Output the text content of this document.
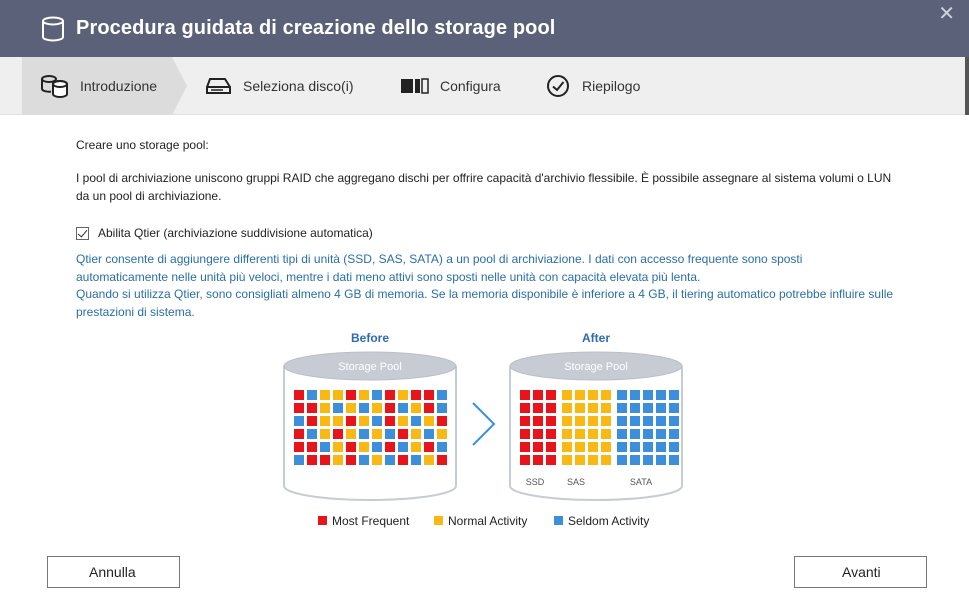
Procedura guidata di creazione dello storage pool
✕
Introduzione	Seleziona disco(i)	Configura	Riepilogo
Creare uno storage pool:
I pool di archiviazione uniscono gruppi RAID che aggregano dischi per offrire capacità d'archivio flessibile. È possibile assegnare al sistema volumi o LUN da un pool di archiviazione.
Abilita Qtier (archiviazione suddivisione automatica)
Qtier consente di aggiungere differenti tipi di unità (SSD, SAS, SATA) a un pool di archiviazione. I dati con accesso frequente sono sposti automaticamente nelle unità più veloci, mentre i dati meno attivi sono sposti nelle unità con capacità elevata più lenta.
Quando si utilizza Qtier, sono consigliati almeno 4 GB di memoria. Se la memoria disponibile è inferiore a 4 GB, il tiering automatico potrebbe influire sulle prestazioni di sistema.
Before
Storage Pool
After
Storage Pool
SSD	SAS	SATA
Most Frequent	Normal Activity	Seldom Activity
Annulla	Avanti
